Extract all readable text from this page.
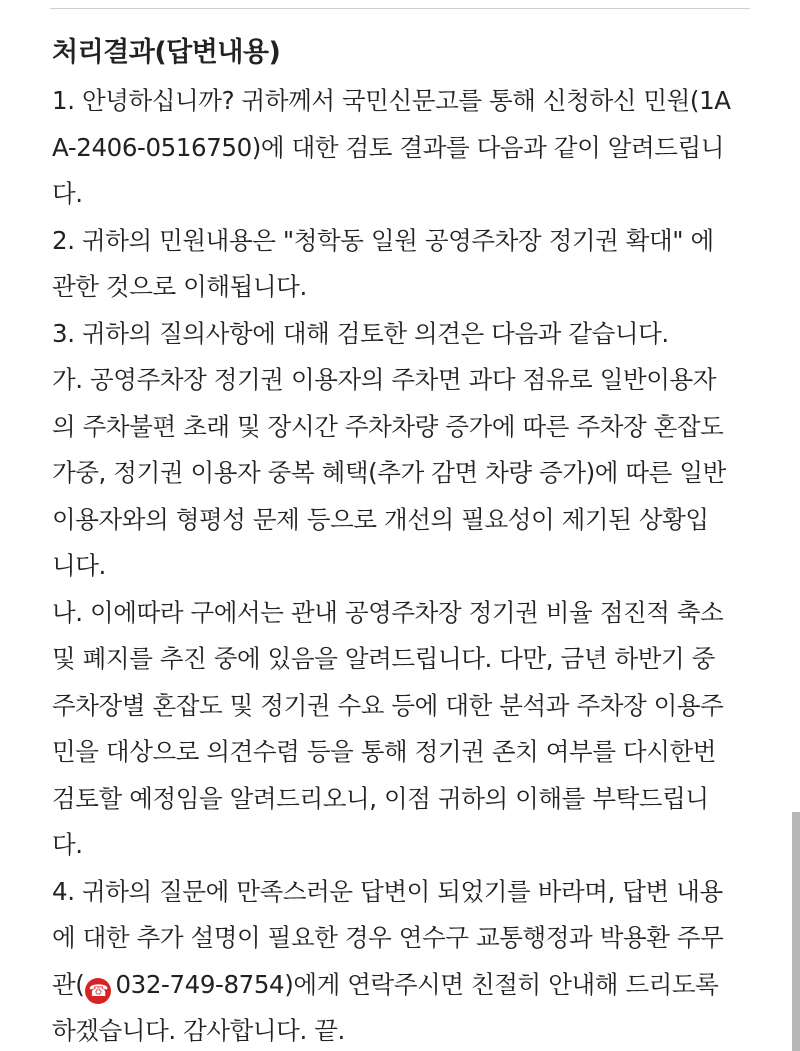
처리결과(답변내용)
1. 안녕하십니까? 귀하께서 국민신문고를 통해 신청하신 민원(1A
A-2406-0516750)에 대한 검토 결과를 다음과 같이 알려드립니
다.
2. 귀하의 민원내용은 "청학동 일원 공영주차장 정기권 확대" 에
관한 것으로 이해됩니다.
3. 귀하의 질의사항에 대해 검토한 의견은 다음과 같습니다.
가. 공영주차장 정기권 이용자의 주차면 과다 점유로 일반이용자
의 주차불편 초래 및 장시간 주차차량 증가에 따른 주차장 혼잡도
가중, 정기권 이용자 중복 혜택(추가 감면 차량 증가)에 따른 일반
이용자와의 형평성 문제 등으로 개선의 필요성이 제기된 상황입
니다.
나. 이에따라 구에서는 관내 공영주차장 정기권 비율 점진적 축소
및 폐지를 추진 중에 있음을 알려드립니다. 다만, 금년 하반기 중
주차장별 혼잡도 및 정기권 수요 등에 대한 분석과 주차장 이용주
민을 대상으로 의견수렴 등을 통해 정기권 존치 여부를 다시한번
검토할 예정임을 알려드리오니, 이점 귀하의 이해를 부탁드립니
다.
4. 귀하의 질문에 만족스러운 답변이 되었기를 바라며, 답변 내용
에 대한 추가 설명이 필요한 경우 연수구 교통행정과 박용환 주무
관( ☎ 032-749-8754)에게 연락주시면 친절히 안내해 드리도록
하겠습니다. 감사합니다. 끝.
